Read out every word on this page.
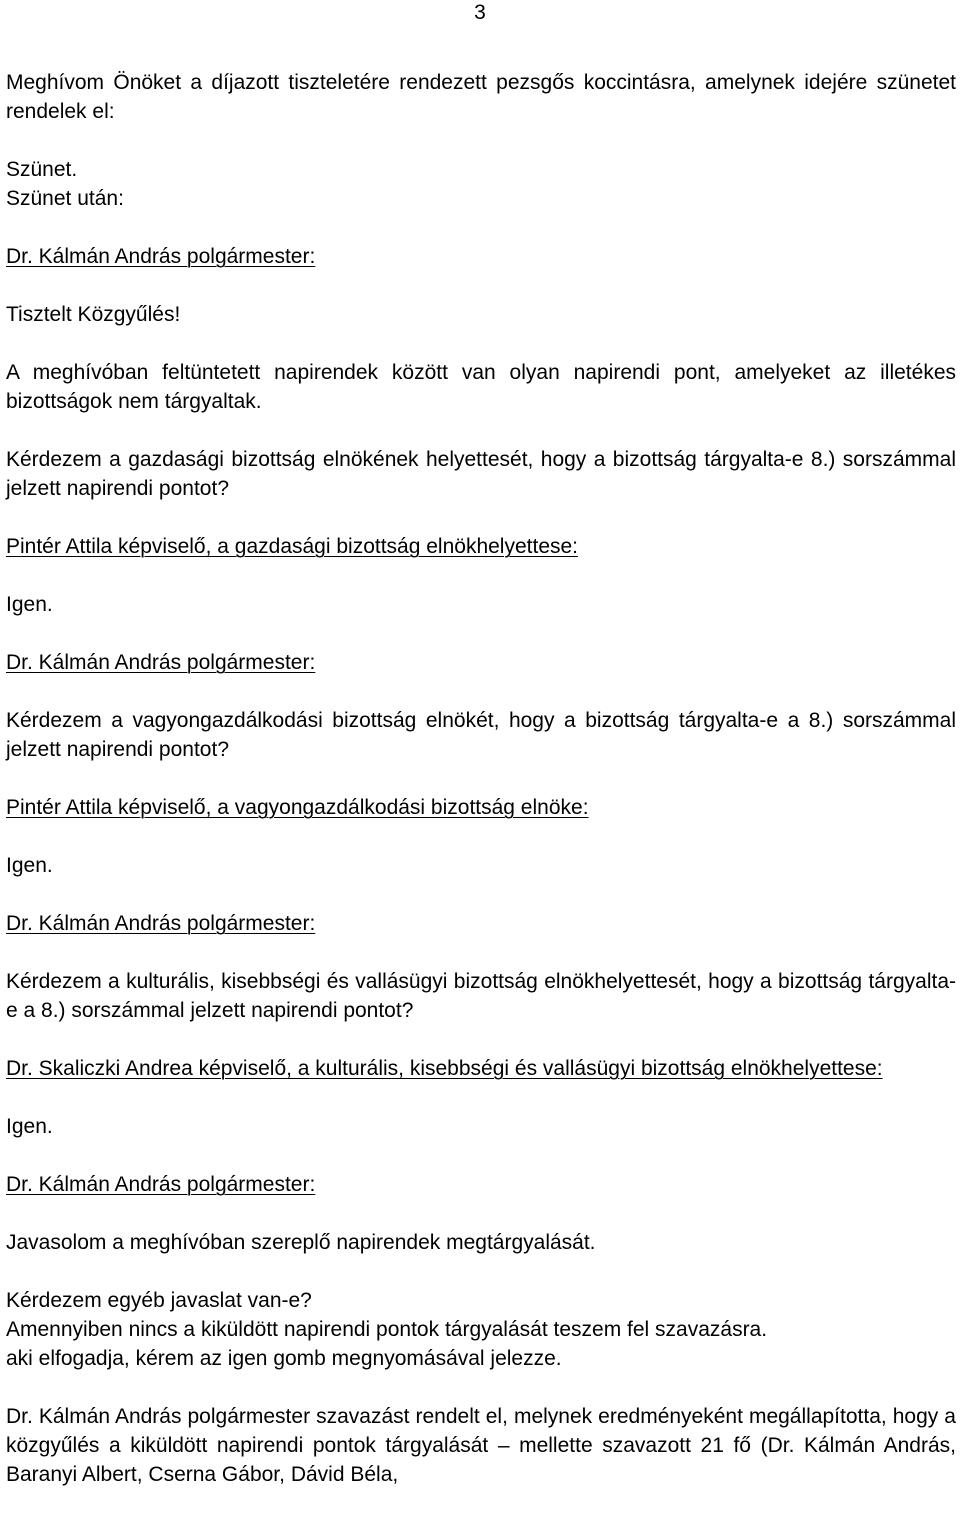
3

Meghívom Önöket a díjazott tiszteletére rendezett pezsgős koccintásra, amelynek idejére szünetet rendelek el:

Szünet.

Szünet után:

Dr. Kálmán András polgármester:

Tisztelt Közgyűlés!

A meghívóban feltüntetett napirendek között van olyan napirendi pont, amelyeket az illetékes bizottságok nem tárgyaltak.

Kérdezem a gazdasági bizottság elnökének helyettesét, hogy a bizottság tárgyalta-e 8.) sorszámmal jelzett napirendi pontot?

Pintér Attila képviselő, a gazdasági bizottság elnökhelyettese:

Igen.

Dr. Kálmán András polgármester:

Kérdezem a vagyongazdálkodási bizottság elnökét, hogy a bizottság tárgyalta-e a 8.) sorszámmal jelzett napirendi pontot?

Pintér Attila képviselő, a vagyongazdálkodási bizottság elnöke:

Igen.

Dr. Kálmán András polgármester:

Kérdezem a kulturális, kisebbségi és vallásügyi bizottság elnökhelyettesét, hogy a bizottság tárgyalta-e a 8.) sorszámmal jelzett napirendi pontot?

Dr. Skaliczki Andrea képviselő, a kulturális, kisebbségi és vallásügyi bizottság elnökhelyettese:

Igen.

Dr. Kálmán András polgármester:

Javasolom a meghívóban szereplő napirendek megtárgyalását.

Kérdezem egyéb javaslat van-e?

Amennyiben nincs a kiküldött napirendi pontok tárgyalását teszem fel szavazásra.

aki elfogadja, kérem az igen gomb megnyomásával jelezze.

Dr. Kálmán András polgármester szavazást rendelt el, melynek eredményeként megállapította, hogy a közgyűlés a kiküldött napirendi pontok tárgyalását – mellette szavazott 21 fő (Dr. Kálmán András, Baranyi Albert, Cserna Gábor, Dávid Béla,
